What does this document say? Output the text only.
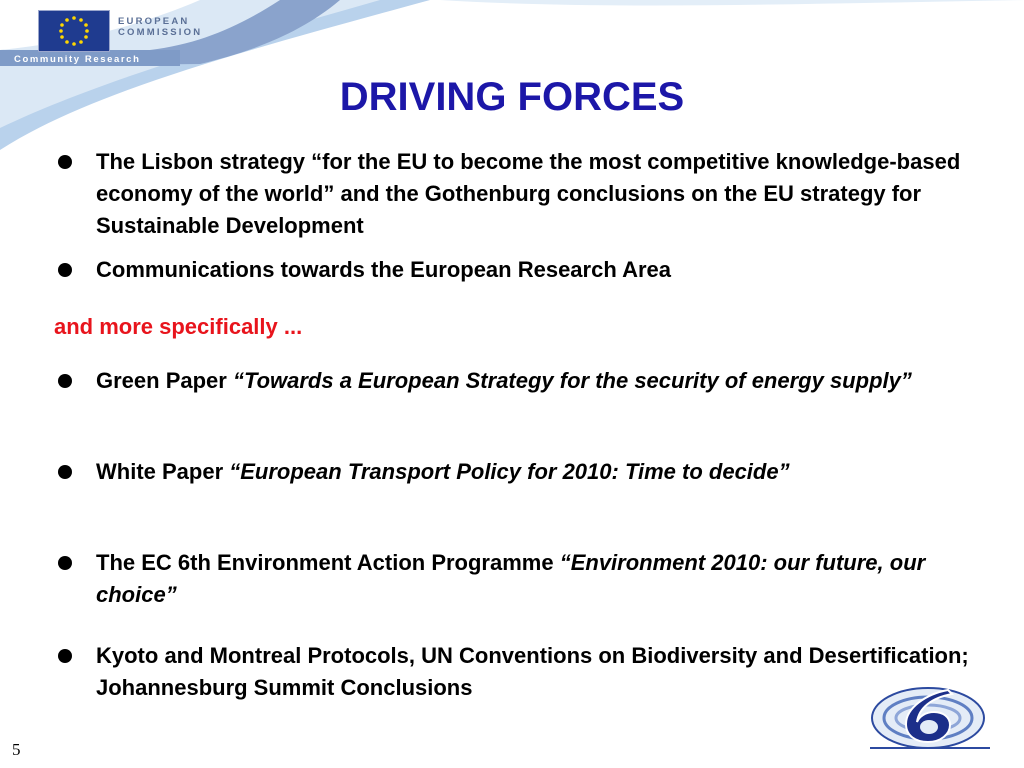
EUROPEAN
COMMISSION
Community Research
DRIVING FORCES
The Lisbon strategy “for the EU to become the most competitive knowledge-based economy of the world” and the Gothenburg conclusions on the EU strategy for Sustainable Development
Communications towards the European Research Area
and more specifically ...
Green Paper “Towards a European Strategy for the security of energy supply”
White Paper “European Transport Policy for 2010: Time to decide”
The EC 6th Environment Action Programme “Environment 2010: our future, our choice”
Kyoto and Montreal Protocols, UN Conventions on Biodiversity and Desertification; Johannesburg Summit Conclusions
5
